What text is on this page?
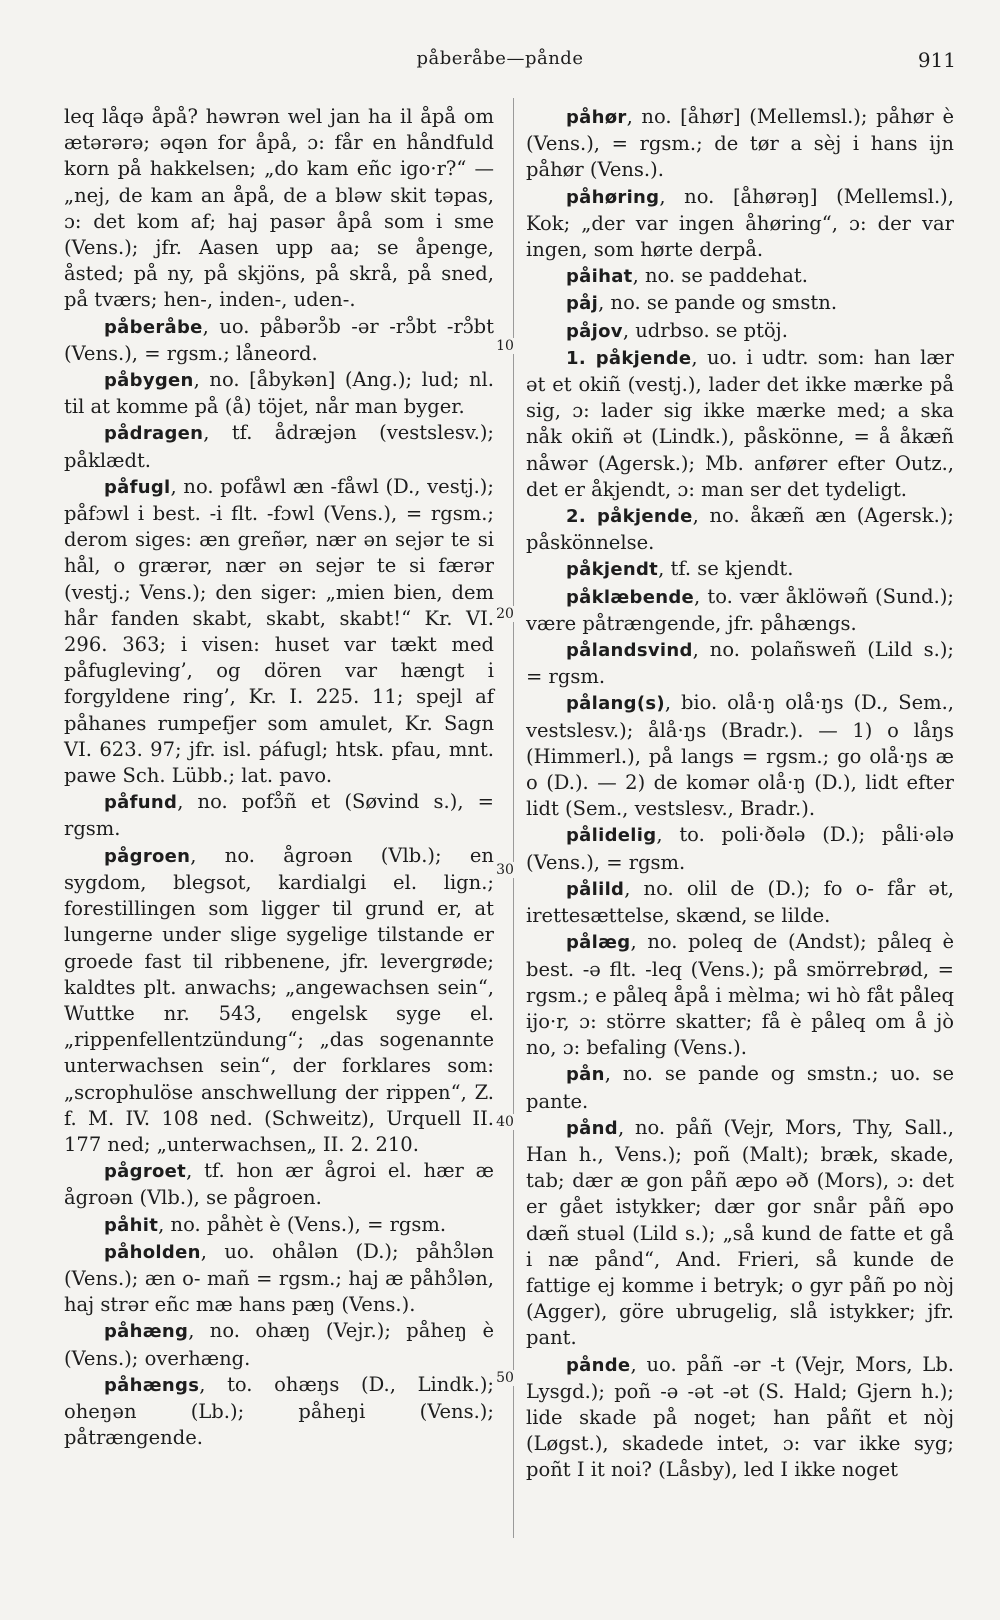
påberåbe—pånde	911
10
20
30
40
50

leq låqə åpå? həwrən wel jan ha il åpå om ætərərə; əqən for åpå, ɔ: får en håndfuld korn på hakkelsen; „do kam eñc igo·r?“ — „nej, de kam an åpå, de a bləw skit təpas, ɔ: det kom af; haj pasər åpå som i sme (Vens.); jfr. Aasen upp aa; se åpenge, åsted; på ny, på skjöns, på skrå, på sned, på tværs; hen-, inden-, uden-.

påberåbe, uo. påbərɔ̊b -ər -rɔ̊bt -rɔ̊bt (Vens.), = rgsm.; låneord.

påbygen, no. [åbykən] (Ang.); lud; nl. til at komme på (å) töjet, når man byger.

pådragen, tf. ådræjən (vestslesv.); påklædt.

påfugl, no. pofåwl æn -fåwl (D., vestj.); påfɔwl i best. -i flt. -fɔwl (Vens.), = rgsm.; derom siges: æn greñər, nær ən sejər te si hål, o grærər, nær ən sejər te si færər (vestj.; Vens.); den siger: „mien bien, dem hår fanden skabt, skabt, skabt!“ Kr. VI. 296. 363; i visen: huset var tækt med påfugleving’, og dören var hængt i forgyldene ring’, Kr. I. 225. 11; spejl af påhanes rumpefjer som amulet, Kr. Sagn VI. 623. 97; jfr. isl. páfugl; htsk. pfau, mnt. pawe Sch. Lübb.; lat. pavo.

påfund, no. pofɔ̊ñ et (Søvind s.), = rgsm.

pågroen, no. ågroən (Vlb.); en sygdom, blegsot, kardialgi el. lign.; forestillingen som ligger til grund er, at lungerne under slige sygelige tilstande er groede fast til ribbenene, jfr. levergrøde; kaldtes plt. anwachs; „angewachsen sein“, Wuttke nr. 543, engelsk syge el. „rippenfellentzündung“; „das sogenannte unterwachsen sein“, der forklares som: „scrophulöse anschwellung der rippen“, Z. f. M. IV. 108 ned. (Schweitz), Urquell II. 177 ned; „unterwachsen„ II. 2. 210.

pågroet, tf. hon ær ågroi el. hær æ ågroən (Vlb.), se pågroen.

påhit, no. påhèt è (Vens.), = rgsm.

påholden, uo. ohålən (D.); påhɔ̊lən (Vens.); æn o- mañ = rgsm.; haj æ påhɔ̊lən, haj strər eñc mæ hans pæŋ (Vens.).

påhæng, no. ohæŋ (Vejr.); påheŋ è (Vens.); overhæng.

påhængs, to. ohæŋs (D., Lindk.); oheŋən (Lb.); påheŋi (Vens.); påtrængende.

påhør, no. [åhør] (Mellemsl.); påhør è (Vens.), = rgsm.; de tør a sèj i hans ijn påhør (Vens.).

påhøring, no. [åhørəŋ] (Mellemsl.), Kok; „der var ingen åhøring“, ɔ: der var ingen, som hørte derpå.

påihat, no. se paddehat.

påj, no. se pande og smstn.

påjov, udrbso. se ptöj.

1. påkjende, uo. i udtr. som: han lær ət et okiñ (vestj.), lader det ikke mærke på sig, ɔ: lader sig ikke mærke med; a ska nåk okiñ ət (Lindk.), påskönne, = å åkæñ nåwər (Agersk.); Mb. anfører efter Outz., det er åkjendt, ɔ: man ser det tydeligt.

2. påkjende, no. åkæñ æn (Agersk.); påskönnelse.

påkjendt, tf. se kjendt.

påklæbende, to. vær åklöwəñ (Sund.); være påtrængende, jfr. påhængs.

pålandsvind, no. polañsweñ (Lild s.); = rgsm.

pålang(s), bio. olå·ŋ olå·ŋs (D., Sem., vestslesv.); ålå·ŋs (Bradr.). — 1) o låŋs (Himmerl.), på langs = rgsm.; go olå·ŋs æ o (D.). — 2) de komər olå·ŋ (D.), lidt efter lidt (Sem., vestslesv., Bradr.).

pålidelig, to. poli·ðələ (D.); påli·ələ (Vens.), = rgsm.

pålild, no. olil de (D.); fo o- får ət, irettesættelse, skænd, se lilde.

pålæg, no. poleq de (Andst); påleq è best. -ə flt. -leq (Vens.); på smörrebrød, = rgsm.; e påleq åpå i mèlma; wi hò fåt påleq ijo·r, ɔ: större skatter; få è påleq om å jò no, ɔ: befaling (Vens.).

pån, no. se pande og smstn.; uo. se pante.

pånd, no. påñ (Vejr, Mors, Thy, Sall., Han h., Vens.); poñ (Malt); bræk, skade, tab; dær æ gon påñ æpo əð (Mors), ɔ: det er gået istykker; dær gor snår påñ əpo dæñ stuəl (Lild s.); „så kund de fatte et gå i næ pånd“, And. Frieri, så kunde de fattige ej komme i betryk; o gyr påñ po nòj (Agger), göre ubrugelig, slå istykker; jfr. pant.

pånde, uo. påñ -ər -t (Vejr, Mors, Lb. Lysgd.); poñ -ə -ət -ət (S. Hald; Gjern h.); lide skade på noget; han påñt et nòj (Løgst.), skadede intet, ɔ: var ikke syg; poñt I it noi? (Låsby), led I ikke noget
